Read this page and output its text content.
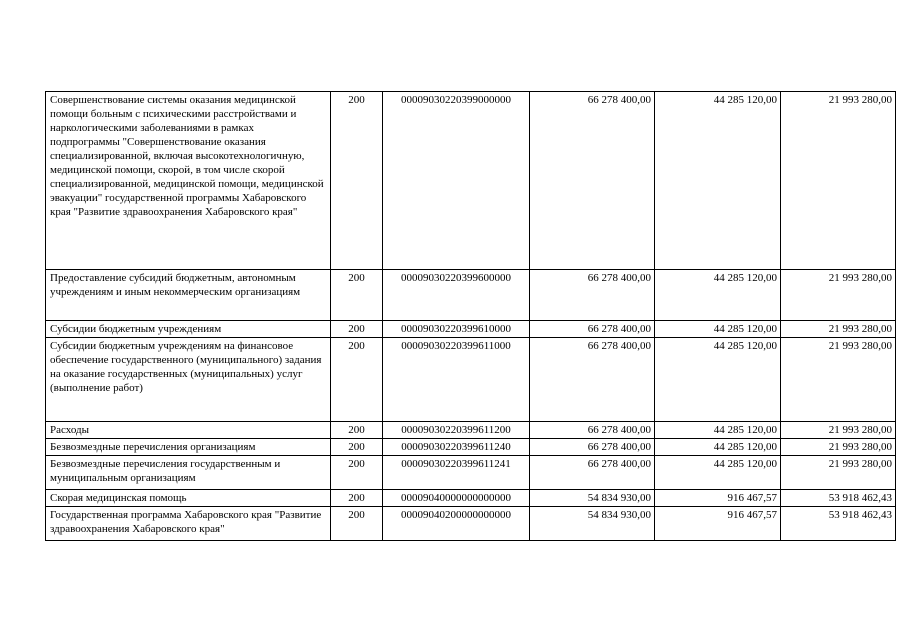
Совершенствование системы оказания медицинской помощи больным с психическими расстройствами и наркологическими заболеваниями в рамках подпрограммы "Совершенствование оказания специализированной, включая высокотехнологичную, медицинской помощи, скорой, в том числе скорой специализированной, медицинской помощи, медицинской эвакуации" государственной программы Хабаровского края "Развитие здравоохранения Хабаровского края"	200	00009030220399000000	66 278 400,00	44 285 120,00	21 993 280,00
Предоставление субсидий бюджетным, автономным учреждениям и иным некоммерческим организациям	200	00009030220399600000	66 278 400,00	44 285 120,00	21 993 280,00
Субсидии бюджетным учреждениям	200	00009030220399610000	66 278 400,00	44 285 120,00	21 993 280,00
Субсидии бюджетным учреждениям на финансовое обеспечение государственного (муниципального) задания на оказание государственных (муниципальных) услуг (выполнение работ)	200	00009030220399611000	66 278 400,00	44 285 120,00	21 993 280,00
Расходы	200	00009030220399611200	66 278 400,00	44 285 120,00	21 993 280,00
Безвозмездные перечисления организациям	200	00009030220399611240	66 278 400,00	44 285 120,00	21 993 280,00
Безвозмездные перечисления государственным и муниципальным организациям	200	00009030220399611241	66 278 400,00	44 285 120,00	21 993 280,00
Скорая медицинская помощь	200	00009040000000000000	54 834 930,00	916 467,57	53 918 462,43
Государственная программа Хабаровского края "Развитие здравоохранения Хабаровского края"	200	00009040200000000000	54 834 930,00	916 467,57	53 918 462,43
